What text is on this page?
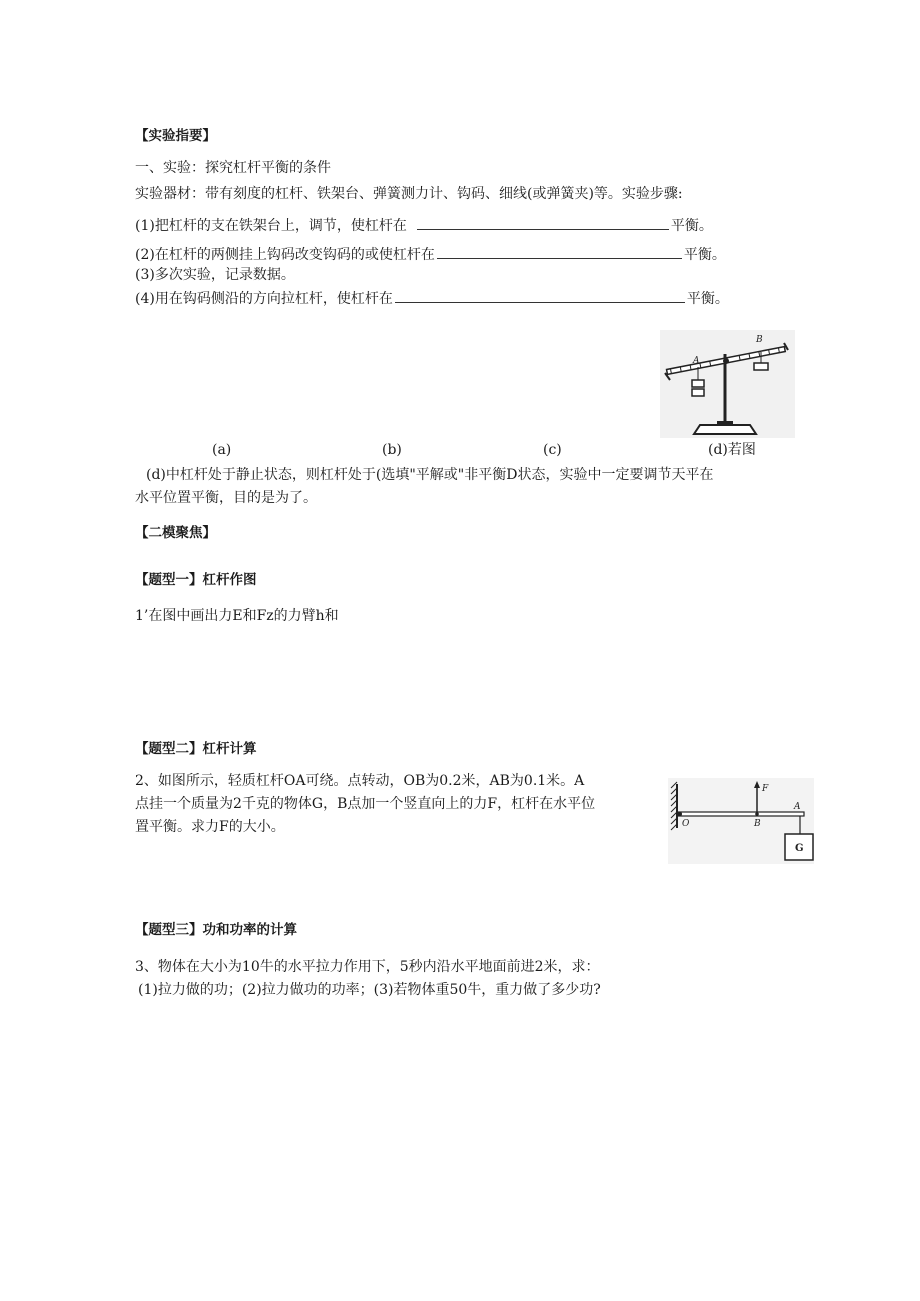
【实验指要】
一、实验：探究杠杆平衡的条件
实验器材：带有刻度的杠杆、铁架台、弹簧测力计、钩码、细线(或弹簧夹)等。实验步骤:
(1)把杠杆的支在铁架台上，调节，使杠杆在	平衡。
(2)在杠杆的两侧挂上钩码改变钩码的或使杠杆在	平衡。
(3)多次实验，记录数据。
(4)用在钩码侧沿的方向拉杠杆，使杠杆在	平衡。
A
B
(a)	(b)	(c)	(d)若图
(d)中杠杆处于静止状态，则杠杆处于(选填"平解或"非平衡D状态，实验中一定要调节天平在
水平位置平衡，目的是为了。
【二模聚焦】
【题型一】杠杆作图
1’在图中画出力E和Fz的力臂h和
【题型二】杠杆计算
2、如图所示，轻质杠杆OA可绕。点转动，OB为0.2米，AB为0.1米。A
点挂一个质量为2千克的物体G，B点加一个竖直向上的力F，杠杆在水平位
置平衡。求力F的大小。
F
A
O	B
G
【题型三】功和功率的计算
3、物体在大小为10牛的水平拉力作用下，5秒内沿水平地面前进2米，求：
(1)拉力做的功；(2)拉力做功的功率；(3)若物体重50牛，重力做了多少功?
